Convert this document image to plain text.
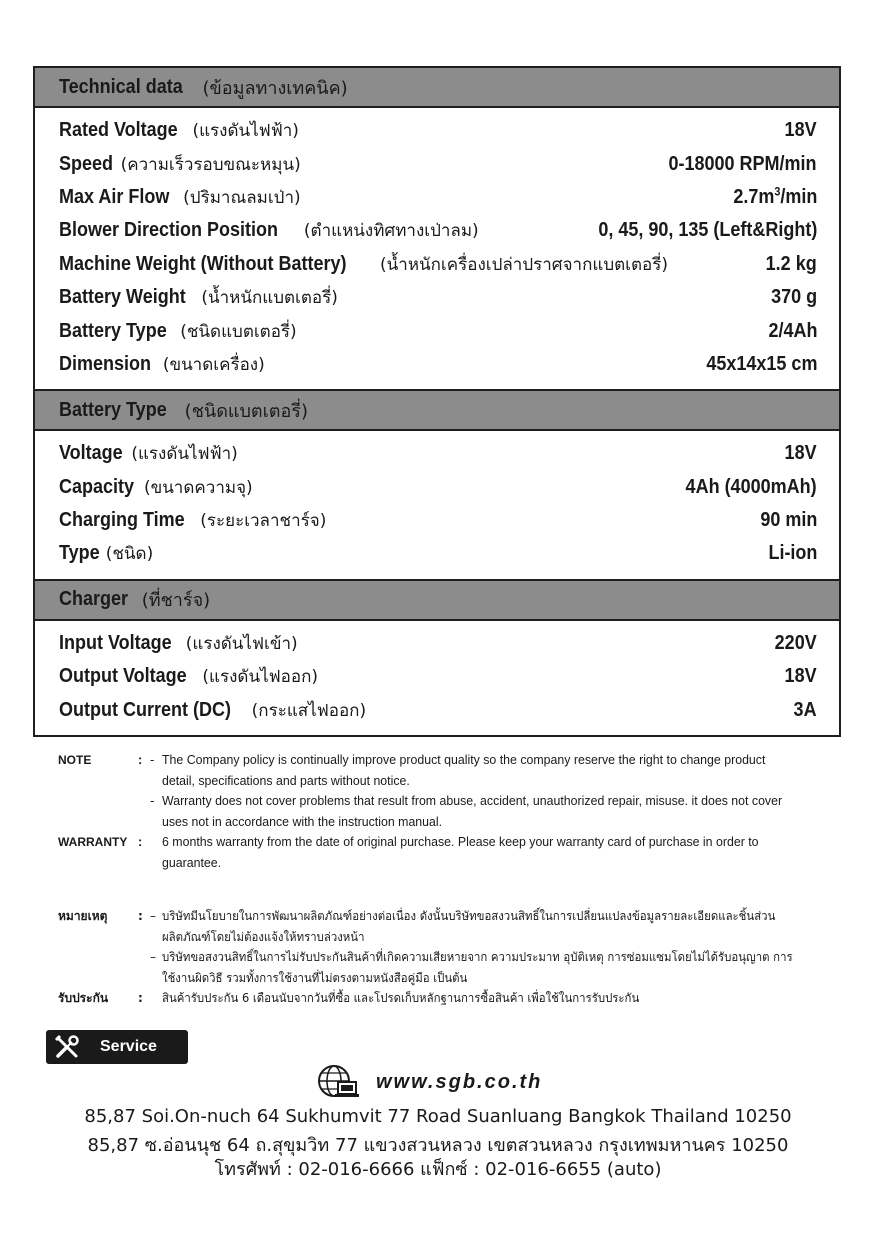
Technical data (ข้อมูลทางเทคนิค)
Rated Voltage
(แรงดันไฟฟ้า)	18V
Speed
(ความเร็วรอบขณะหมุน)	0-18000 RPM/min
Max Air Flow
(ปริมาณลมเป่า)	$2.7m^3/\min$
Blower Direction Position
(ตำแหน่งทิศทางเป่าลม)	0, 45, 90, 135 (Left&Right)
Machine Weight (Without Battery)
(น้ำหนักเครื่องเปล่าปราศจากแบตเตอรี่)	1.2 kg
Battery Weight
(น้ำหนักแบตเตอรี่)	370 g
Battery Type
(ชนิดแบตเตอรี่)	2/4Ah
Dimension
(ขนาดเครื่อง)	45x14x15 cm
Battery Type (ชนิดแบตเตอรี่)
Voltage
(แรงดันไฟฟ้า)	18V
Capacity
(ขนาดความจุ)	4Ah (4000mAh)
Charging Time
(ระยะเวลาชาร์จ)	90 min
Type
(ชนิด)	Li-ion
Charger (ที่ชาร์จ)
Input Voltage
(แรงดันไฟเข้า)	220V
Output Voltage
(แรงดันไฟออก)	18V
Output Current (DC)
(กระแสไฟออก)	3A
NOTE	: - The Company policy is continually improve product quality so the company reserve the right to change product detail, specifications and parts without notice.
- Warranty does not cover problems that result from abuse, accident, unauthorized repair, misuse. it does not cover uses not in accordance with the instruction manual.
WARRANTY :	6 months warranty from the date of original purchase. Please keep your warranty card of purchase in order to guarantee.
หมายเหตุ	: – บริษัทมีนโยบายในการพัฒนาผลิตภัณฑ์อย่างต่อเนื่อง ดังนั้นบริษัทขอสงวนสิทธิ์ในการเปลี่ยนแปลงข้อมูลรายละเอียดและชิ้นส่วนผลิตภัณฑ์โดยไม่ต้องแจ้งให้ทราบล่วงหน้า
– บริษัทขอสงวนสิทธิ์ในการไม่รับประกันสินค้าที่เกิดความเสียหายจาก ความประมาท อุบัติเหตุ การซ่อมแซมโดยไม่ได้รับอนุญาต การใช้งานผิดวิธี รวมทั้งการใช้งานที่ไม่ตรงตามหนังสือคู่มือ เป็นต้น
รับประกัน	:	สินค้ารับประกัน 6 เดือนนับจากวันที่ซื้อ และโปรดเก็บหลักฐานการซื้อสินค้า เพื่อใช้ในการรับประกัน
Service
www.sgb.co.th
85,87 Soi.On-nuch 64 Sukhumvit 77 Road Suanluang Bangkok Thailand 10250
85,87 ซ.อ่อนนุช 64 ถ.สุขุมวิท 77 แขวงสวนหลวง เขตสวนหลวง กรุงเทพมหานคร 10250
โทรศัพท์ : 02-016-6666 แฟ็กซ์ : 02-016-6655 (auto)
